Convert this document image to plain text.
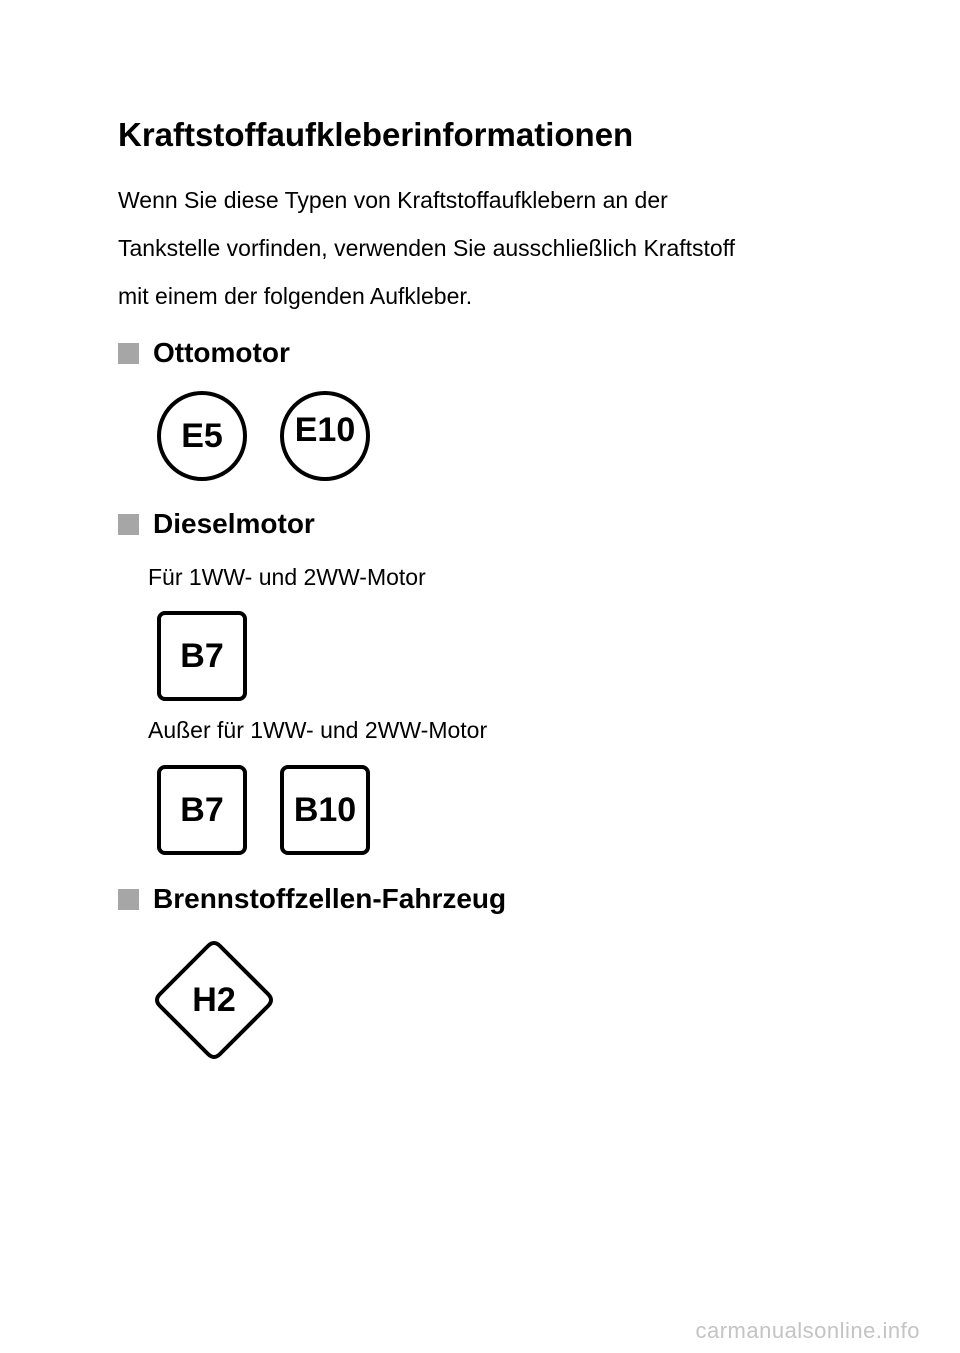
Kraftstoffaufkleberinformationen

Wenn Sie diese Typen von Kraftstoffaufklebern an der
Tankstelle vorfinden, verwenden Sie ausschließlich Kraftstoff
mit einem der folgenden Aufkleber.

Ottomotor
E5 E10
Dieselmotor
Für 1WW- und 2WW-Motor
B7
Außer für 1WW- und 2WW-Motor
B7 B10
Brennstoffzellen-Fahrzeug
H2
carmanualsonline.info
